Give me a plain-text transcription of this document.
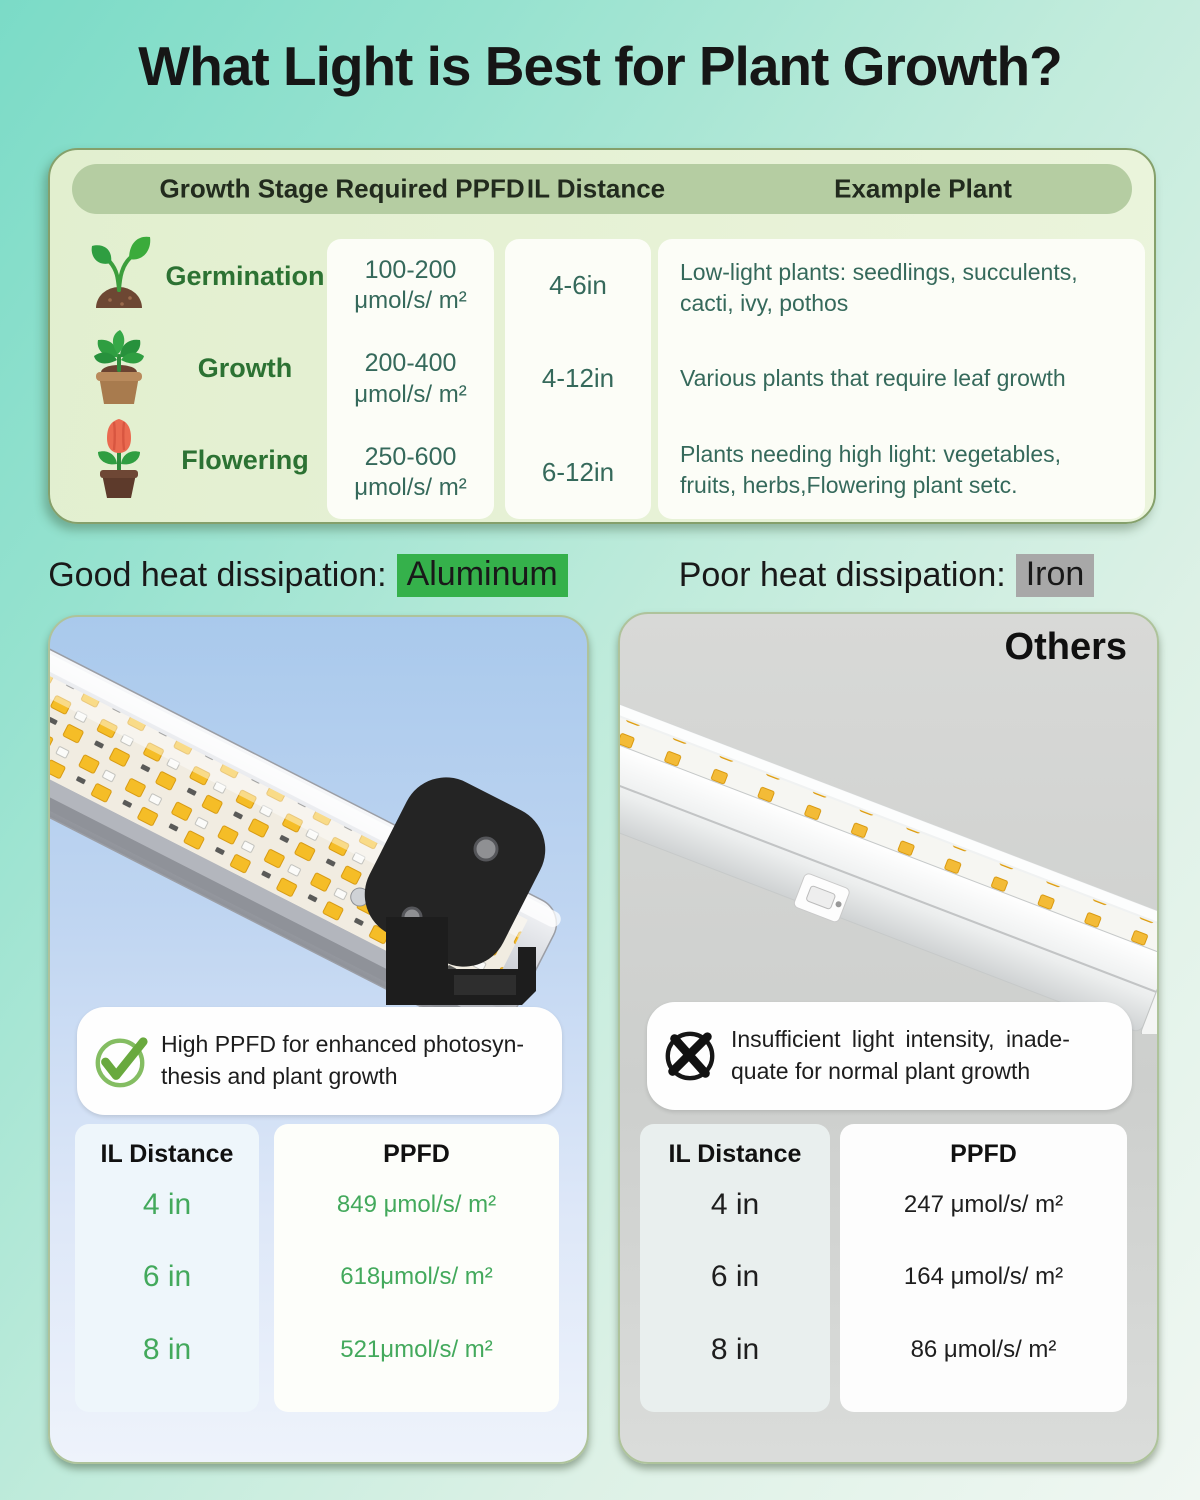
What Light is Best for Plant Growth?
Growth Stage Required PPFD IL Distance	Example Plant
Germination
Growth
Flowering
100-200
μmol/s/ m²
200-400
μmol/s/ m²
250-600
μmol/s/ m²
4-6in
4-12in
6-12in
Low-light plants: seedlings, succulents, cacti, ivy, pothos
Various plants that require leaf growth
Plants needing high light: vegetables, fruits, herbs,Flowering plant setc.
Good heat dissipation: Aluminum	Poor heat dissipation: Iron
High PPFD for enhanced photosyn-
thesis and plant growth
IL Distance
4 in
6 in
8 in
PPFD
849 μmol/s/ m²
618μmol/s/ m²
521μmol/s/ m²
Others
Insufficient light intensity, inade-
quate for normal plant growth
IL Distance
4 in
6 in
8 in
PPFD
247 μmol/s/ m²
164 μmol/s/ m²
86 μmol/s/ m²
